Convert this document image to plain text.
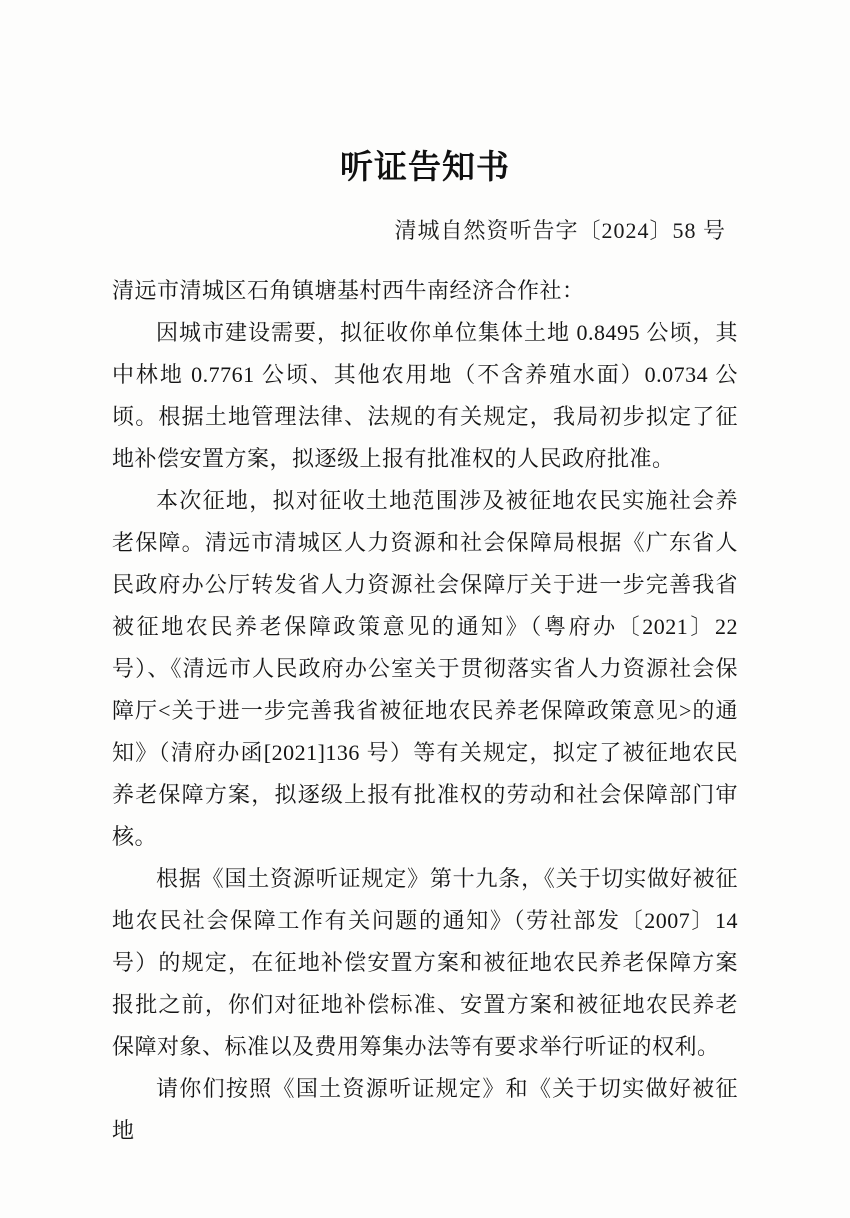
听证告知书
清城自然资听告字〔2024〕58 号

清远市清城区石角镇塘基村西牛南经济合作社：

因城市建设需要，拟征收你单位集体土地 0.8495 公顷，其中林地 0.7761 公顷、其他农用地（不含养殖水面）0.0734 公顷。根据土地管理法律、法规的有关规定，我局初步拟定了征地补偿安置方案，拟逐级上报有批准权的人民政府批准。

本次征地，拟对征收土地范围涉及被征地农民实施社会养老保障。清远市清城区人力资源和社会保障局根据《广东省人民政府办公厅转发省人力资源社会保障厅关于进一步完善我省被征地农民养老保障政策意见的通知》（粤府办〔2021〕22 号）、《清远市人民政府办公室关于贯彻落实省人力资源社会保障厅<关于进一步完善我省被征地农民养老保障政策意见>的通知》（清府办函[2021]136 号）等有关规定，拟定了被征地农民养老保障方案，拟逐级上报有批准权的劳动和社会保障部门审核。

根据《国土资源听证规定》第十九条，《关于切实做好被征地农民社会保障工作有关问题的通知》（劳社部发〔2007〕14 号）的规定，在征地补偿安置方案和被征地农民养老保障方案报批之前，你们对征地补偿标准、安置方案和被征地农民养老保障对象、标准以及费用筹集办法等有要求举行听证的权利。

请你们按照《国土资源听证规定》和《关于切实做好被征地
